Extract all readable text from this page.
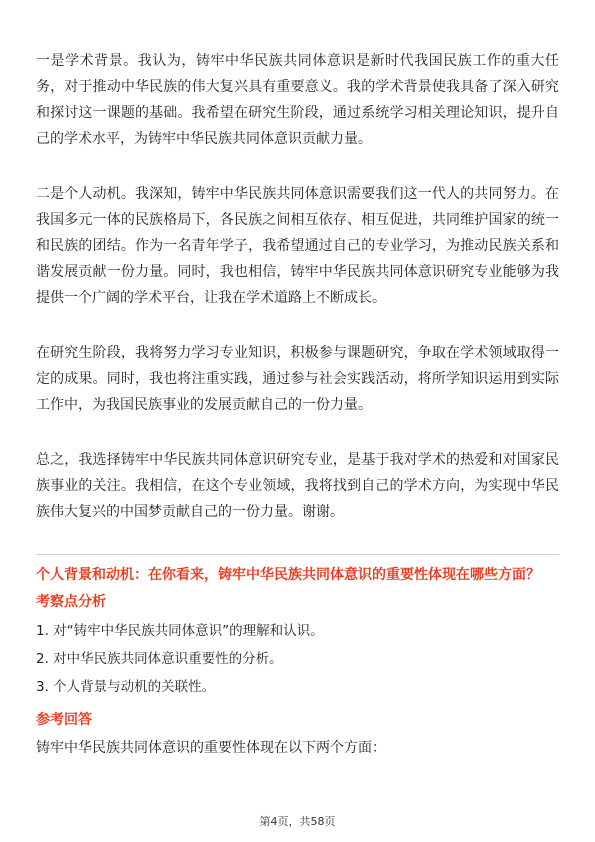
一是学术背景。我认为，铸牢中华民族共同体意识是新时代我国民族工作的重大任务，对于推动中华民族的伟大复兴具有重要意义。我的学术背景使我具备了深入研究和探讨这一课题的基础。我希望在研究生阶段，通过系统学习相关理论知识，提升自己的学术水平，为铸牢中华民族共同体意识贡献力量。

二是个人动机。我深知，铸牢中华民族共同体意识需要我们这一代人的共同努力。在我国多元一体的民族格局下，各民族之间相互依存、相互促进，共同维护国家的统一和民族的团结。作为一名青年学子，我希望通过自己的专业学习，为推动民族关系和谐发展贡献一份力量。同时，我也相信，铸牢中华民族共同体意识研究专业能够为我提供一个广阔的学术平台，让我在学术道路上不断成长。

在研究生阶段，我将努力学习专业知识，积极参与课题研究，争取在学术领域取得一定的成果。同时，我也将注重实践，通过参与社会实践活动，将所学知识运用到实际工作中，为我国民族事业的发展贡献自己的一份力量。

总之，我选择铸牢中华民族共同体意识研究专业，是基于我对学术的热爱和对国家民族事业的关注。我相信，在这个专业领域，我将找到自己的学术方向，为实现中华民族伟大复兴的中国梦贡献自己的一份力量。谢谢。

个人背景和动机：在你看来，铸牢中华民族共同体意识的重要性体现在哪些方面？

考察点分析

1. 对“铸牢中华民族共同体意识”的理解和认识。

2. 对中华民族共同体意识重要性的分析。

3. 个人背景与动机的关联性。

参考回答

铸牢中华民族共同体意识的重要性体现在以下两个方面：

第4页，共58页
